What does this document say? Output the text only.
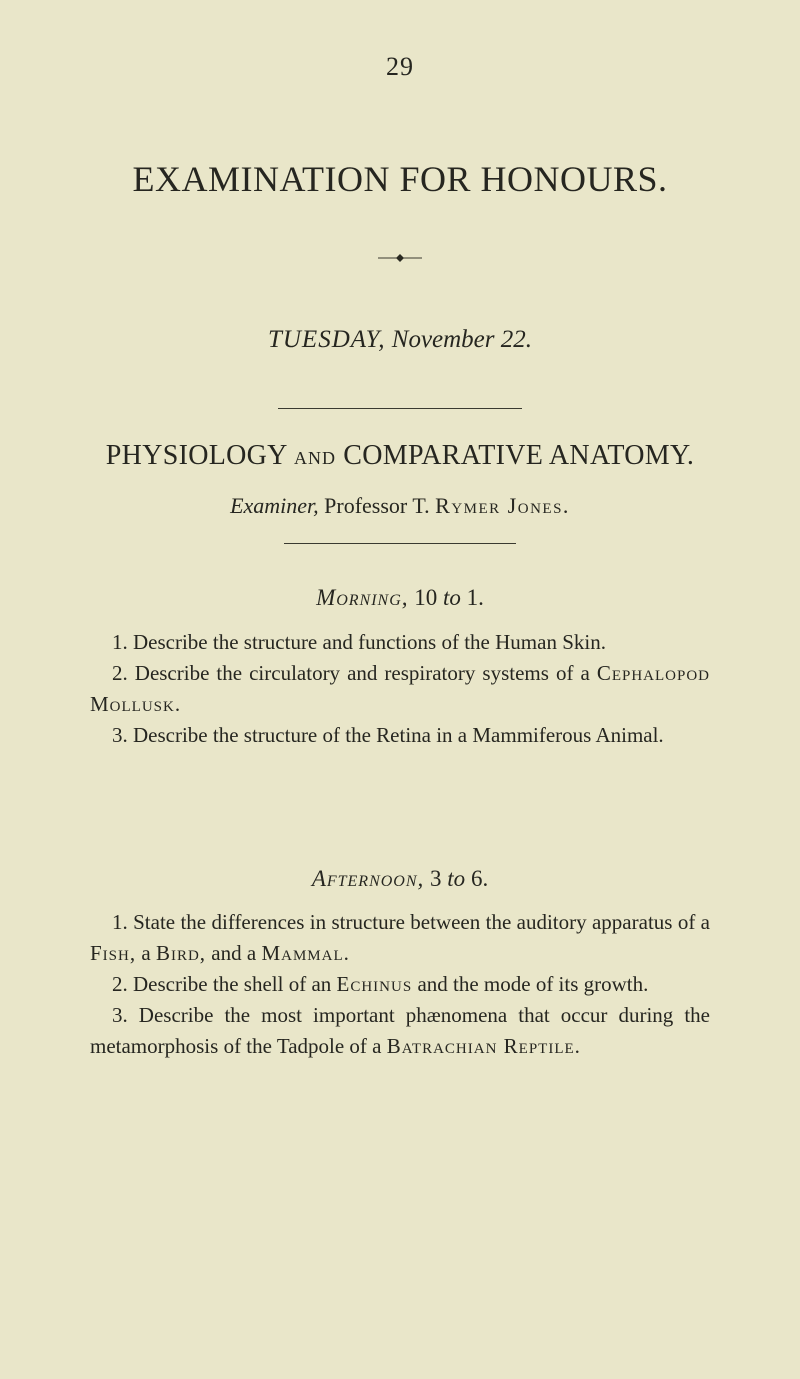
29
EXAMINATION FOR HONOURS.
TUESDAY, November 22.
PHYSIOLOGY AND COMPARATIVE ANATOMY.
Examiner, Professor T. Rymer Jones.
Morning, 10 to 1.
1. Describe the structure and functions of the Human Skin.
2. Describe the circulatory and respiratory systems of a Cephalopod Mollusk.
3. Describe the structure of the Retina in a Mammiferous Animal.
Afternoon, 3 to 6.
1. State the differences in structure between the auditory apparatus of a Fish, a Bird, and a Mammal.
2. Describe the shell of an Echinus and the mode of its growth.
3. Describe the most important phænomena that occur during the metamorphosis of the Tadpole of a Batrachian Reptile.
